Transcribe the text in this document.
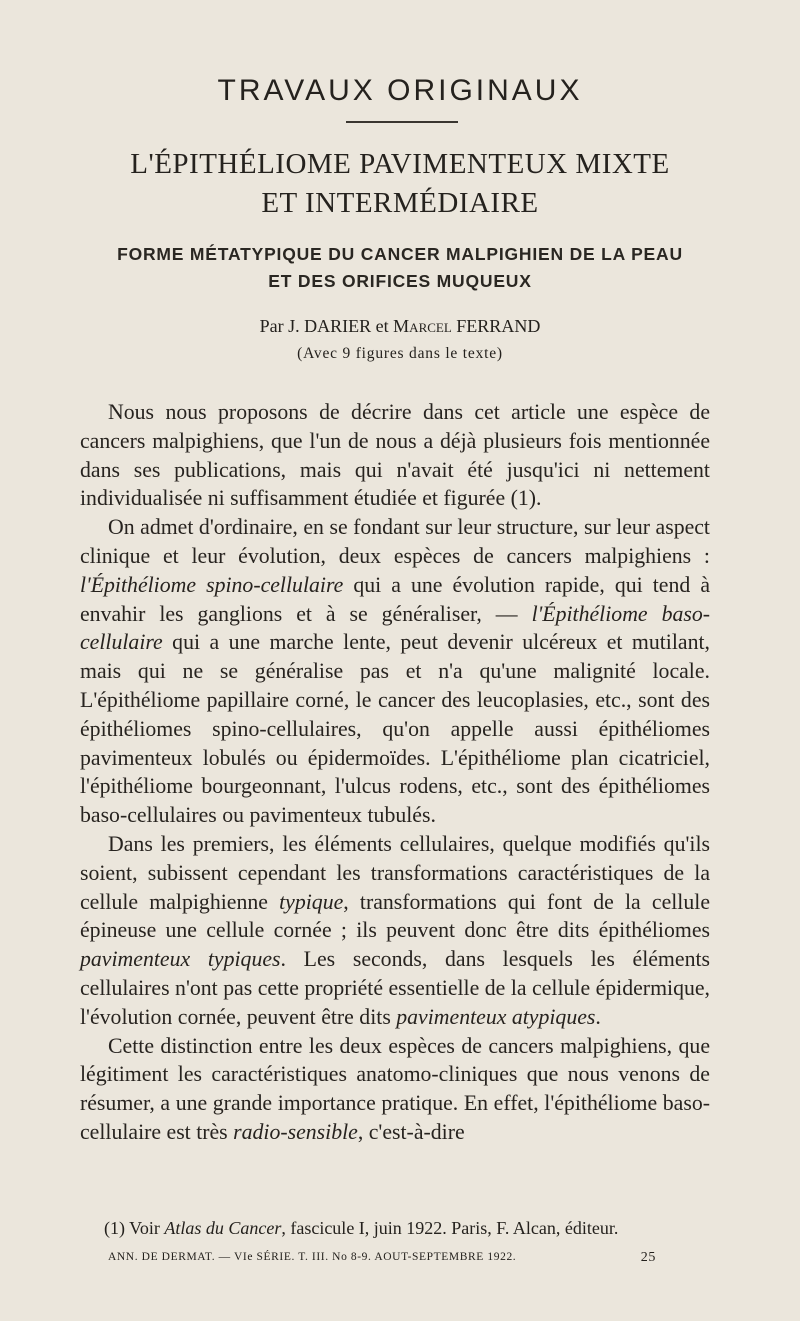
TRAVAUX ORIGINAUX
L'ÉPITHÉLIOME PAVIMENTEUX MIXTE
ET INTERMÉDIAIRE
FORME MÉTATYPIQUE DU CANCER MALPIGHIEN DE LA PEAU
ET DES ORIFICES MUQUEUX
Par J. DARIER et Marcel FERRAND
(Avec 9 figures dans le texte)

Nous nous proposons de décrire dans cet article une espèce de cancers malpighiens, que l'un de nous a déjà plusieurs fois mentionnée dans ses publications, mais qui n'avait été jusqu'ici ni nettement individualisée ni suffisamment étudiée et figurée (1).

On admet d'ordinaire, en se fondant sur leur structure, sur leur aspect clinique et leur évolution, deux espèces de cancers malpighiens : l'Épithéliome spino-cellulaire qui a une évolution rapide, qui tend à envahir les ganglions et à se généraliser, — l'Épithéliome baso-cellulaire qui a une marche lente, peut devenir ulcéreux et mutilant, mais qui ne se généralise pas et n'a qu'une malignité locale. L'épithéliome papillaire corné, le cancer des leucoplasies, etc., sont des épithéliomes spino-cellulaires, qu'on appelle aussi épithéliomes pavimenteux lobulés ou épidermoïdes. L'épithéliome plan cicatriciel, l'épithéliome bourgeonnant, l'ulcus rodens, etc., sont des épithéliomes baso-cellulaires ou pavimenteux tubulés.

Dans les premiers, les éléments cellulaires, quelque modifiés qu'ils soient, subissent cependant les transformations caractéristiques de la cellule malpighienne typique, transformations qui font de la cellule épineuse une cellule cornée ; ils peuvent donc être dits épithéliomes pavimenteux typiques. Les seconds, dans lesquels les éléments cellulaires n'ont pas cette propriété essentielle de la cellule épidermique, l'évolution cornée, peuvent être dits pavimenteux atypiques.

Cette distinction entre les deux espèces de cancers malpighiens, que légitiment les caractéristiques anatomo-cliniques que nous venons de résumer, a une grande importance pratique. En effet, l'épithéliome baso-cellulaire est très radio-sensible, c'est-à-dire

(1) Voir Atlas du Cancer, fascicule I, juin 1922. Paris, F. Alcan, éditeur.
ANN. DE DERMAT. — VIe SÉRIE. T. III. No 8-9. AOUT-SEPTEMBRE 1922.	25
